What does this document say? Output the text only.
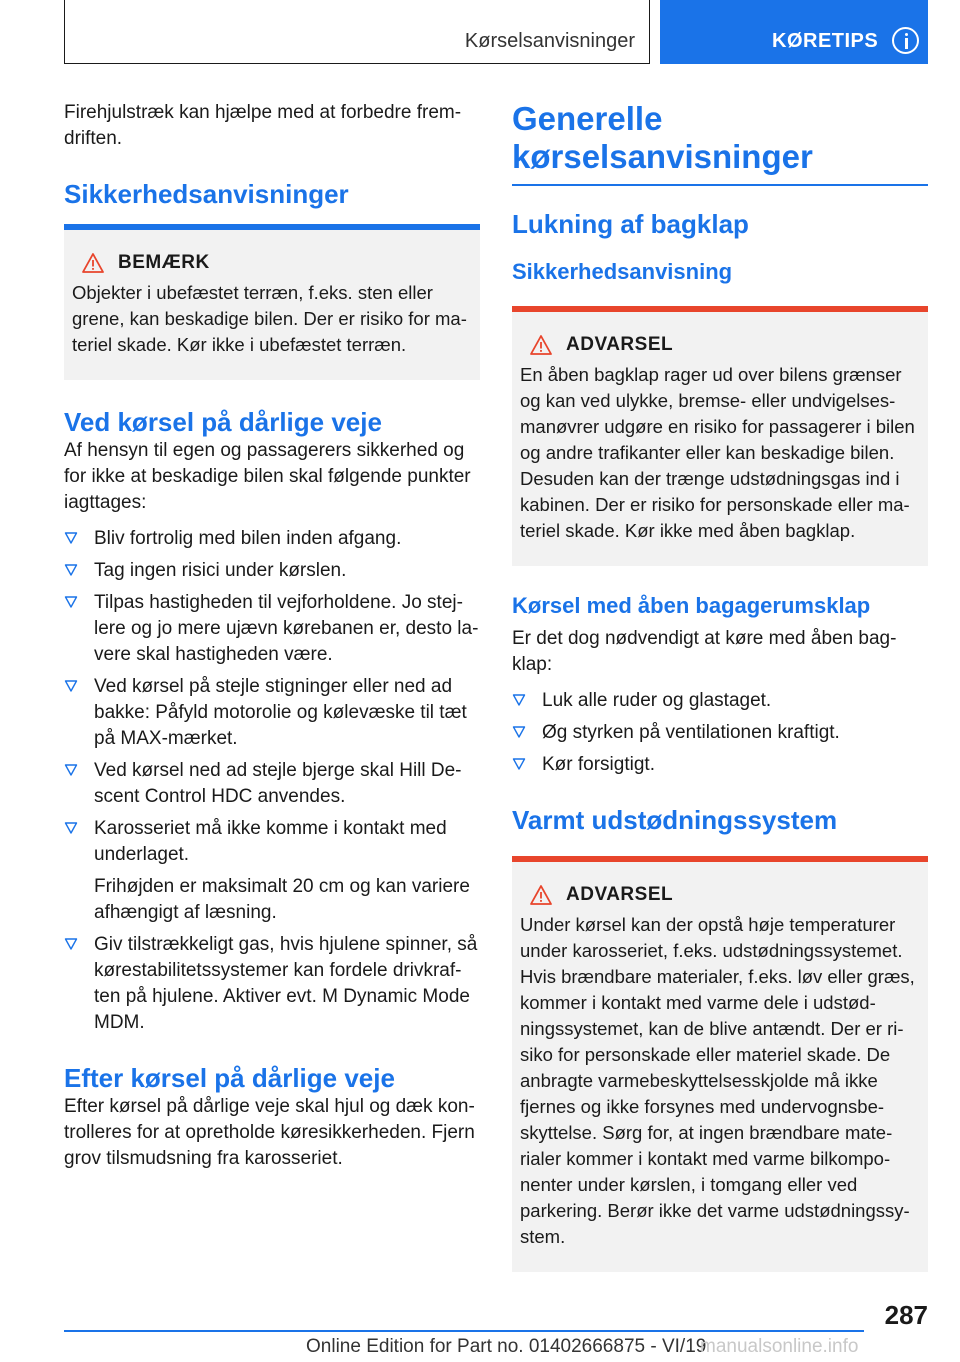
Kørselsanvisninger	KØRETIPS

Firehjulstræk kan hjælpe med at forbedre frem-driften.

Sikkerhedsanvisninger
BEMÆRK

Objekter i ubefæstet terræn, f.eks. sten eller grene, kan beskadige bilen. Der er risiko for ma-teriel skade. Kør ikke i ubefæstet terræn.

Ved kørsel på dårlige veje

Af hensyn til egen og passagerers sikkerhed og for ikke at beskadige bilen skal følgende punkter iagttages:

Bliv fortrolig med bilen inden afgang.
Tag ingen risici under kørslen.
Tilpas hastigheden til vejforholdene. Jo stej-lere og jo mere ujævn kørebanen er, desto la-vere skal hastigheden være.
Ved kørsel på stejle stigninger eller ned ad bakke: Påfyld motorolie og kølevæske til tæt på MAX-mærket.
Ved kørsel ned ad stejle bjerge skal Hill De-scent Control HDC anvendes.
Karosseriet må ikke komme i kontakt med underlaget.
Frihøjden er maksimalt 20 cm og kan variere afhængigt af læsning.
Giv tilstrækkeligt gas, hvis hjulene spinner, så kørestabilitetssystemer kan fordele drivkraf-ten på hjulene. Aktiver evt. M Dynamic Mode MDM.
Efter kørsel på dårlige veje

Efter kørsel på dårlige veje skal hjul og dæk kon-trolleres for at opretholde køresikkerheden. Fjern grov tilsmudsning fra karosseriet.

Generelle kørselsanvisninger
Lukning af bagklap
Sikkerhedsanvisning
ADVARSEL

En åben bagklap rager ud over bilens grænser og kan ved ulykke, bremse- eller undvigelses-manøvrer udgøre en risiko for passagerer i bilen og andre trafikanter eller kan beskadige bilen. Desuden kan der trænge udstødningsgas ind i kabinen. Der er risiko for personskade eller ma-teriel skade. Kør ikke med åben bagklap.

Kørsel med åben bagagerumsklap

Er det dog nødvendigt at køre med åben bag-klap:

Luk alle ruder og glastaget.
Øg styrken på ventilationen kraftigt.
Kør forsigtigt.
Varmt udstødningssystem
ADVARSEL

Under kørsel kan der opstå høje temperaturer under karosseriet, f.eks. udstødningssystemet. Hvis brændbare materialer, f.eks. løv eller græs, kommer i kontakt med varme dele i udstød-ningssystemet, kan de blive antændt. Der er ri-siko for personskade eller materiel skade. De anbragte varmebeskyttelsesskjolde må ikke fjernes og ikke forsynes med undervognsbe-skyttelse. Sørg for, at ingen brændbare mate-rialer kommer i kontakt med varme bilkompo-nenter under kørslen, i tomgang eller ved parkering. Berør ikke det varme udstødningssy-stem.

287
Online Edition for Part no. 01402666875 - VI/19
manualsonline.info
